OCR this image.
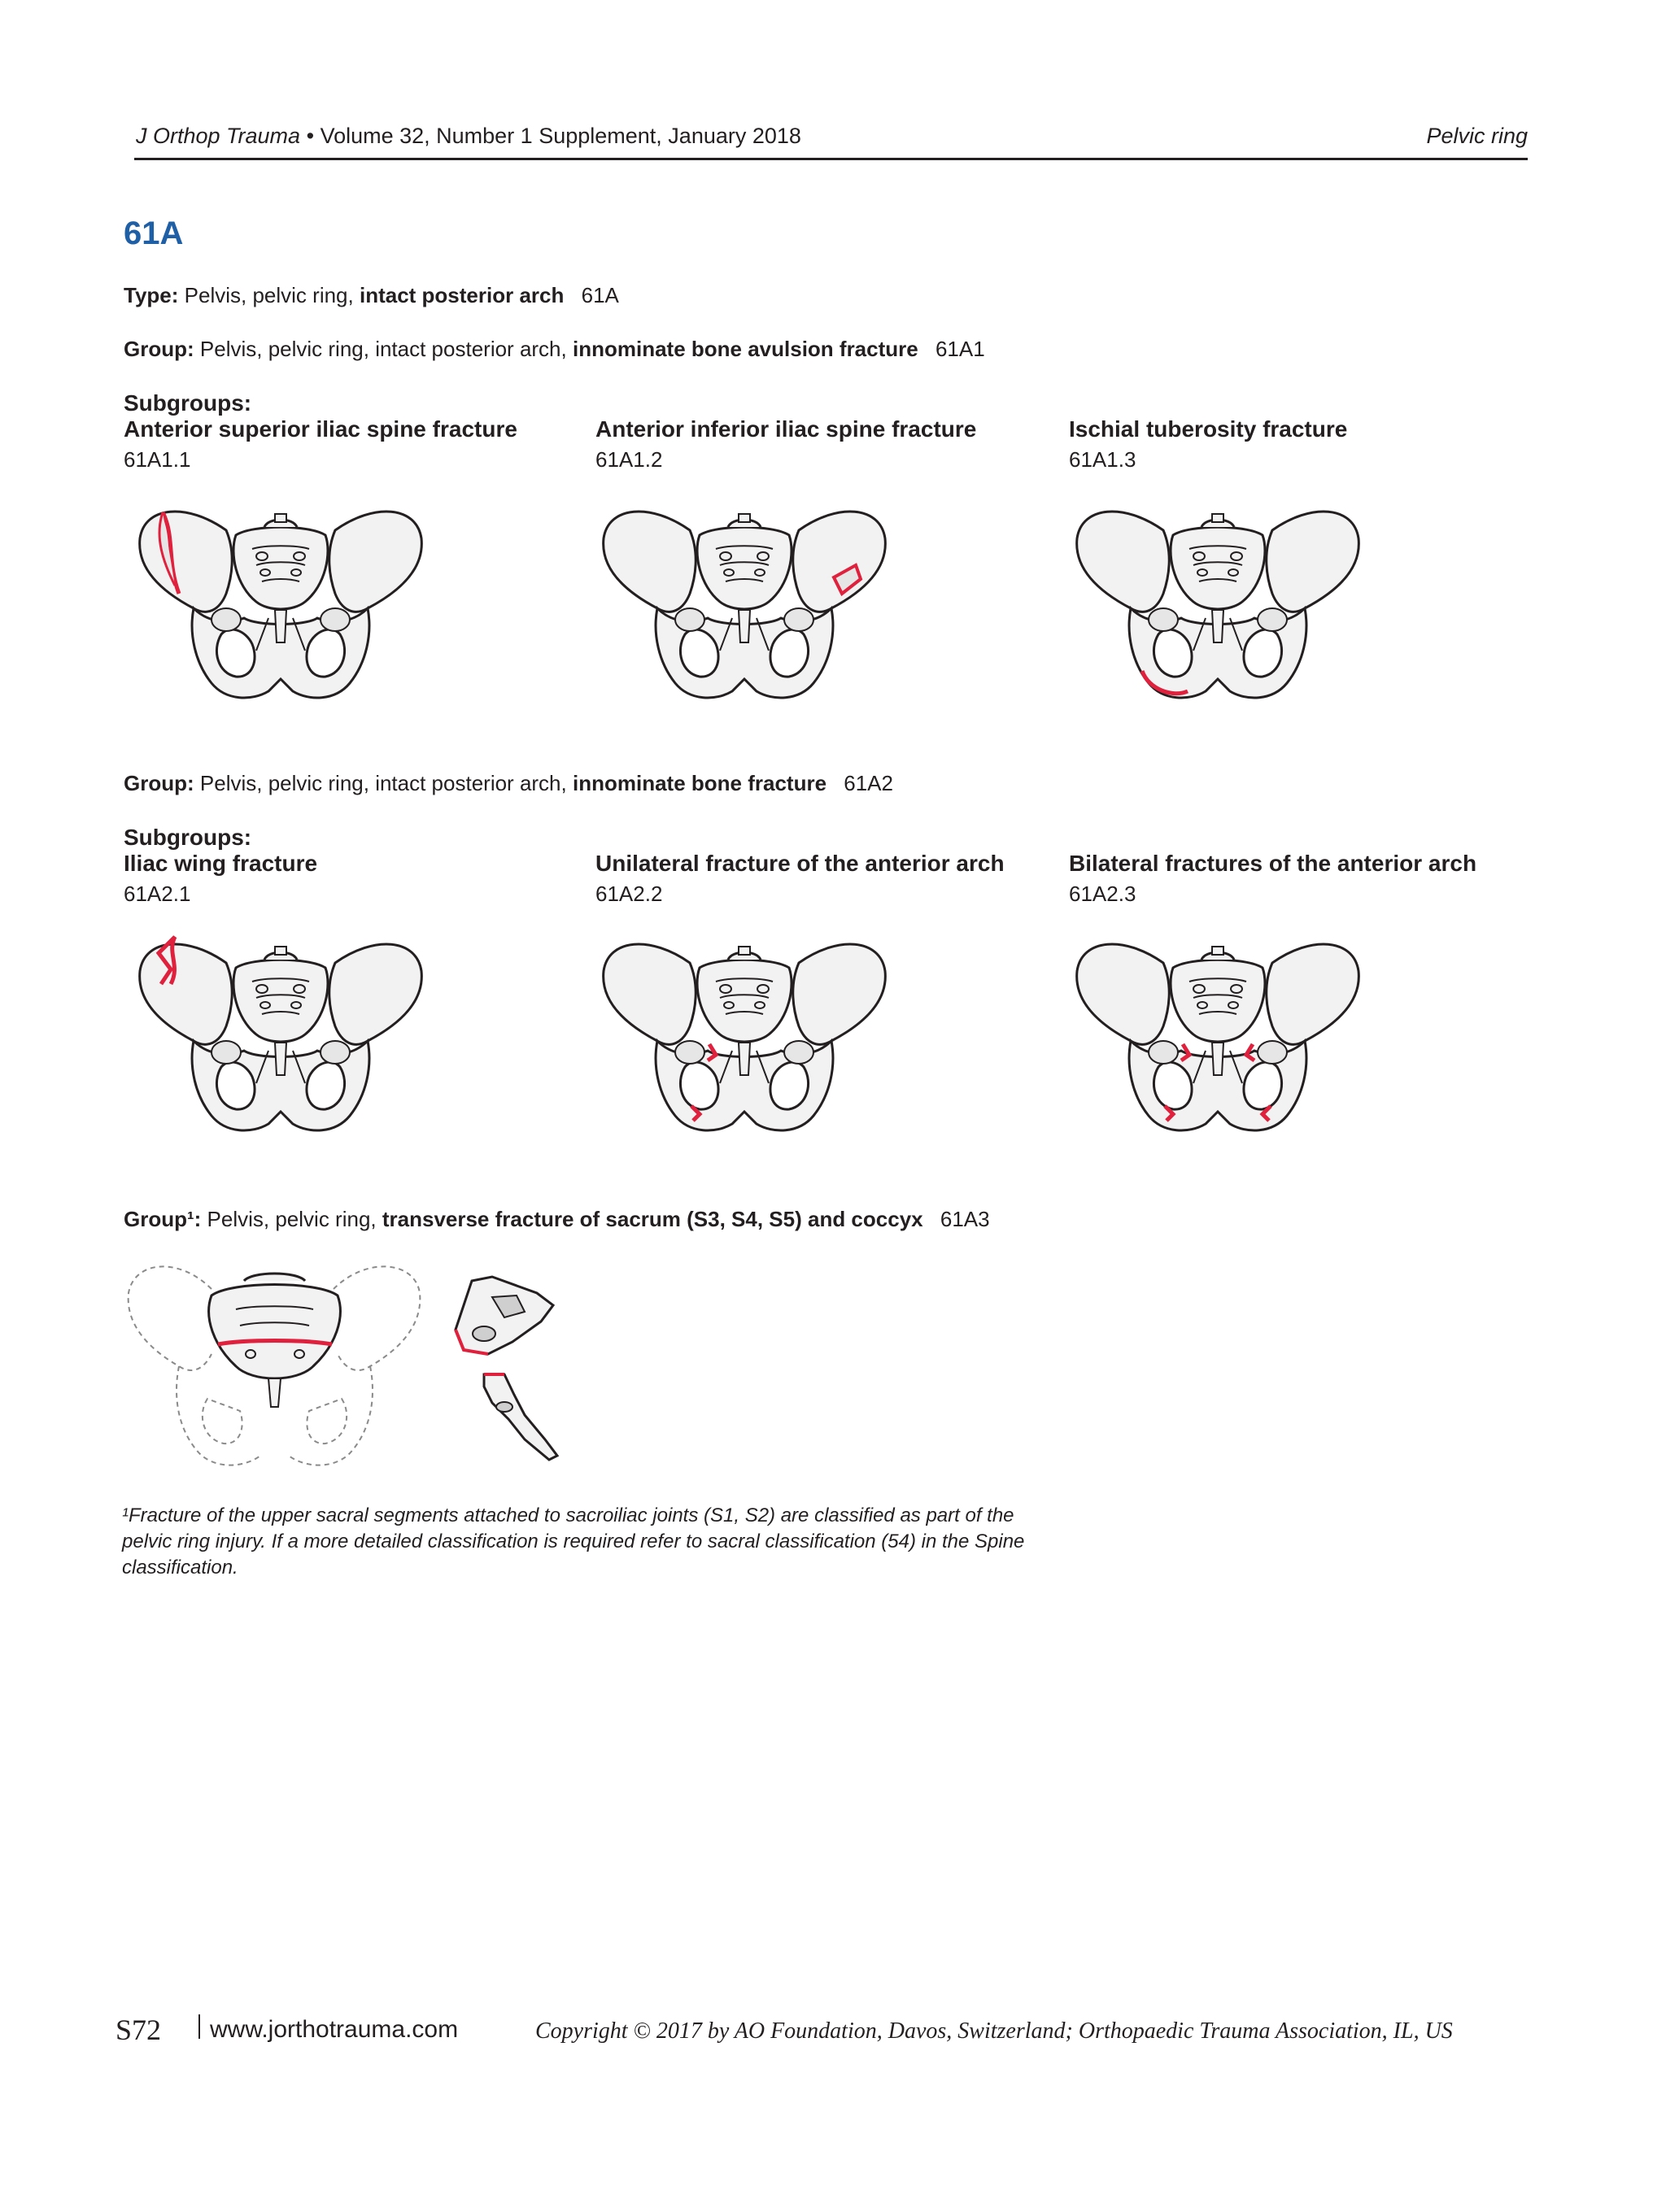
J Orthop Trauma • Volume 32, Number 1 Supplement, January 2018	Pelvic ring
61A
Type: Pelvis, pelvic ring, intact posterior arch 61A
Group: Pelvis, pelvic ring, intact posterior arch, innominate bone avulsion fracture 61A1
Subgroups:
Anterior superior iliac spine fracture
61A1.1
Anterior inferior iliac spine fracture
61A1.2
Ischial tuberosity fracture
61A1.3
Group: Pelvis, pelvic ring, intact posterior arch, innominate bone fracture 61A2
Subgroups:
Iliac wing fracture
61A2.1
Unilateral fracture of the anterior arch
61A2.2
Bilateral fractures of the anterior arch
61A2.3
Group¹: Pelvis, pelvic ring, transverse fracture of sacrum (S3, S4, S5) and coccyx 61A3
¹Fracture of the upper sacral segments attached to sacroiliac joints (S1, S2) are classified as part of the pelvic ring injury. If a more detailed classification is required refer to sacral classification (54) in the Spine classification.
S72 www.jorthotrauma.com	Copyright © 2017 by AO Foundation, Davos, Switzerland; Orthopaedic Trauma Association, IL, US
